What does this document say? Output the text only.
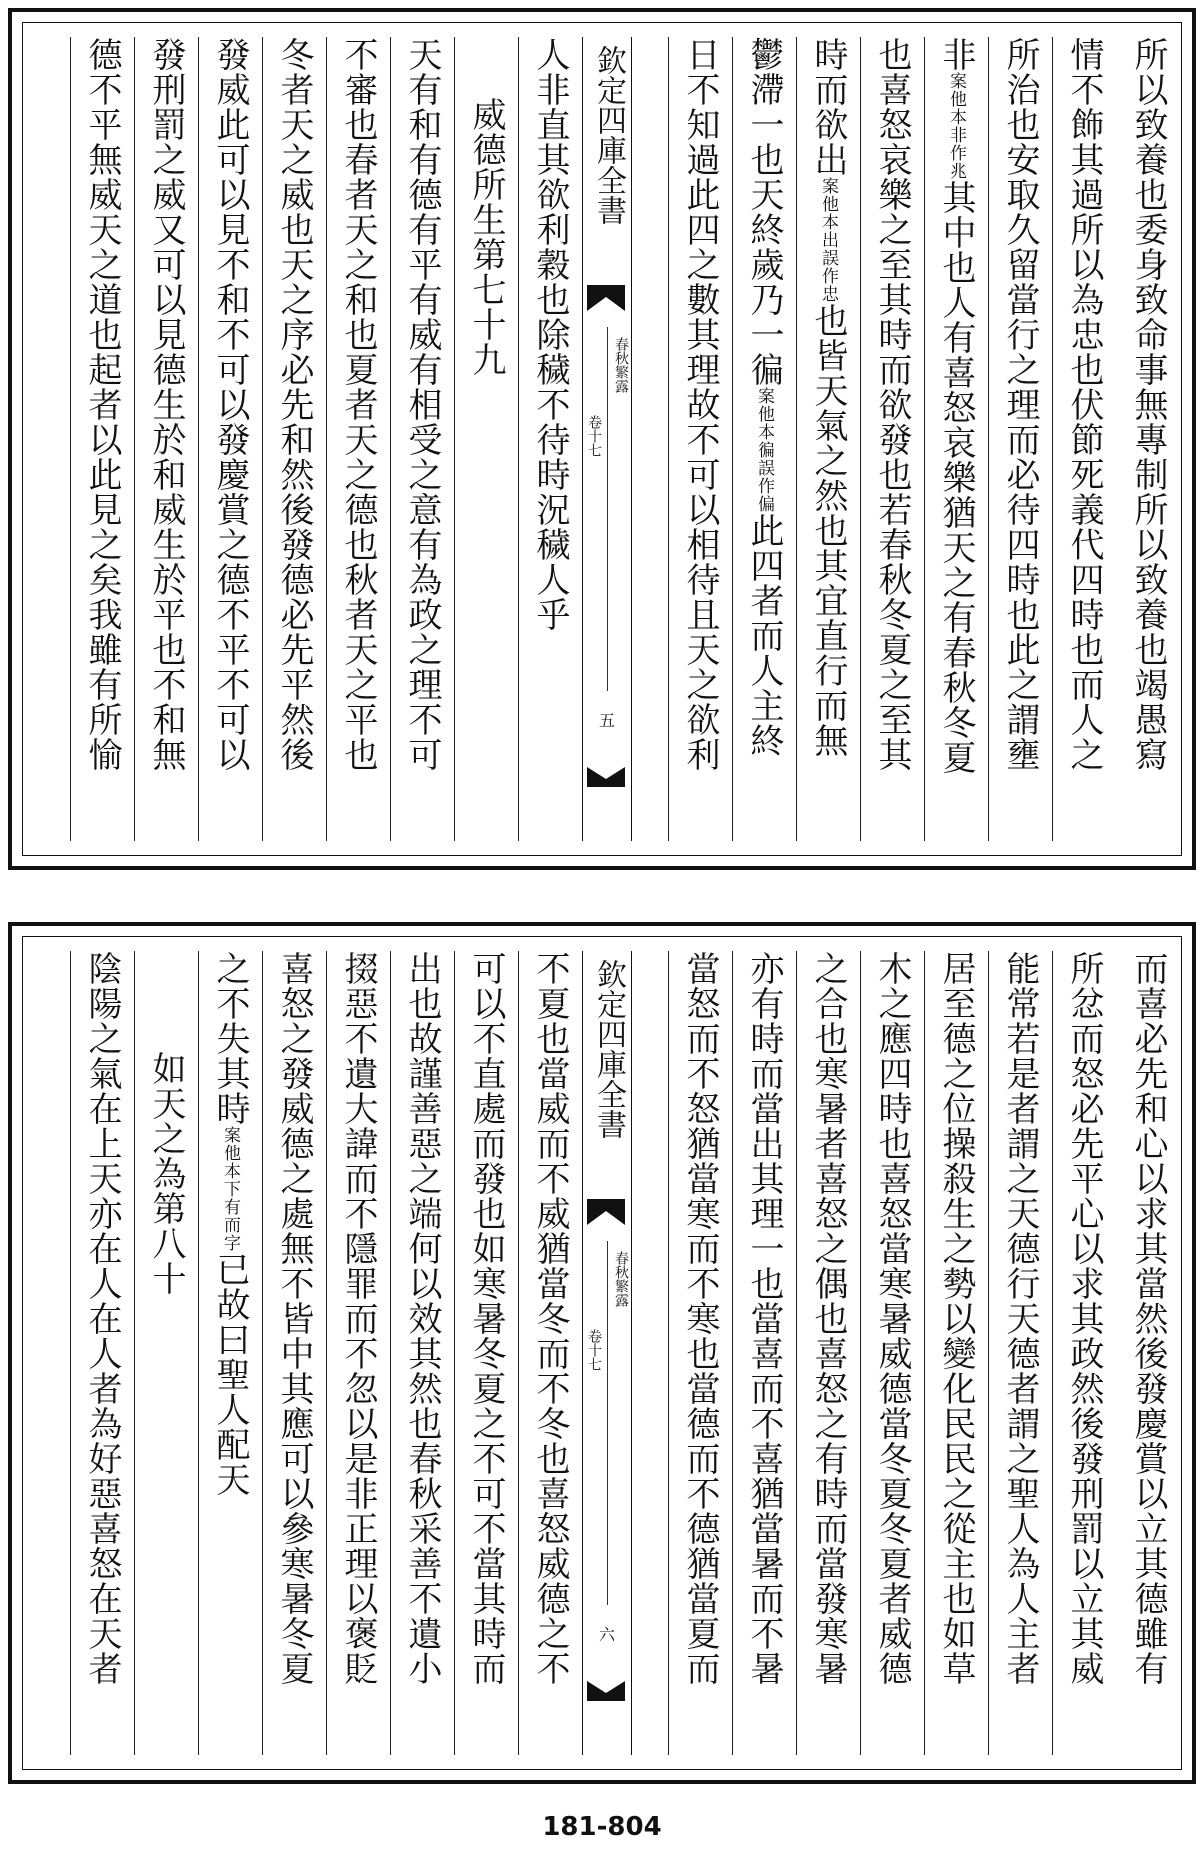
所以致養也委身致命事無專制所以致養也竭愚寫
情不飾其過所以為忠也伏節死義代四時也而人之
所治也安取久留當行之理而必待四時也此之謂壅
非案他本非作兆其中也人有喜怒哀樂猶天之有春秋冬夏
也喜怒哀樂之至其時而欲發也若春秋冬夏之至其
時而欲出案他本出誤作忠也皆天氣之然也其宜直行而無
鬱滯一也天終歲乃一徧案他本徧誤作偏此四者而人主終
日不知過此四之數其理故不可以相待且天之欲利
人非直其欲利穀也除穢不待時況穢人乎
威德所生第七十九
天有和有德有平有威有相受之意有為政之理不可
不審也春者天之和也夏者天之德也秋者天之平也
冬者天之威也天之序必先和然後發德必先平然後
發威此可以見不和不可以發慶賞之德不平不可以
發刑罰之威又可以見德生於和威生於平也不和無
德不平無威天之道也起者以此見之矣我雖有所愉	欽定四庫全書
春秋繁露
卷十七
五
而喜必先和心以求其當然後發慶賞以立其德雖有
所忿而怒必先平心以求其政然後發刑罰以立其威
能常若是者謂之天德行天德者謂之聖人為人主者
居至德之位操殺生之勢以變化民民之從主也如草
木之應四時也喜怒當寒暑威德當冬夏冬夏者威德
之合也寒暑者喜怒之偶也喜怒之有時而當發寒暑
亦有時而當出其理一也當喜而不喜猶當暑而不暑
當怒而不怒猶當寒而不寒也當德而不德猶當夏而
不夏也當威而不威猶當冬而不冬也喜怒威德之不
可以不直處而發也如寒暑冬夏之不可不當其時而
出也故謹善惡之端何以效其然也春秋采善不遺小
掇惡不遺大諱而不隱罪而不忽以是非正理以褒貶
喜怒之發威德之處無不皆中其應可以參寒暑冬夏
之不失其時案他本下有而字已故曰聖人配天
如天之為第八十
陰陽之氣在上天亦在人在人者為好惡喜怒在天者	欽定四庫全書
春秋繁露
卷十七
六
181-804
